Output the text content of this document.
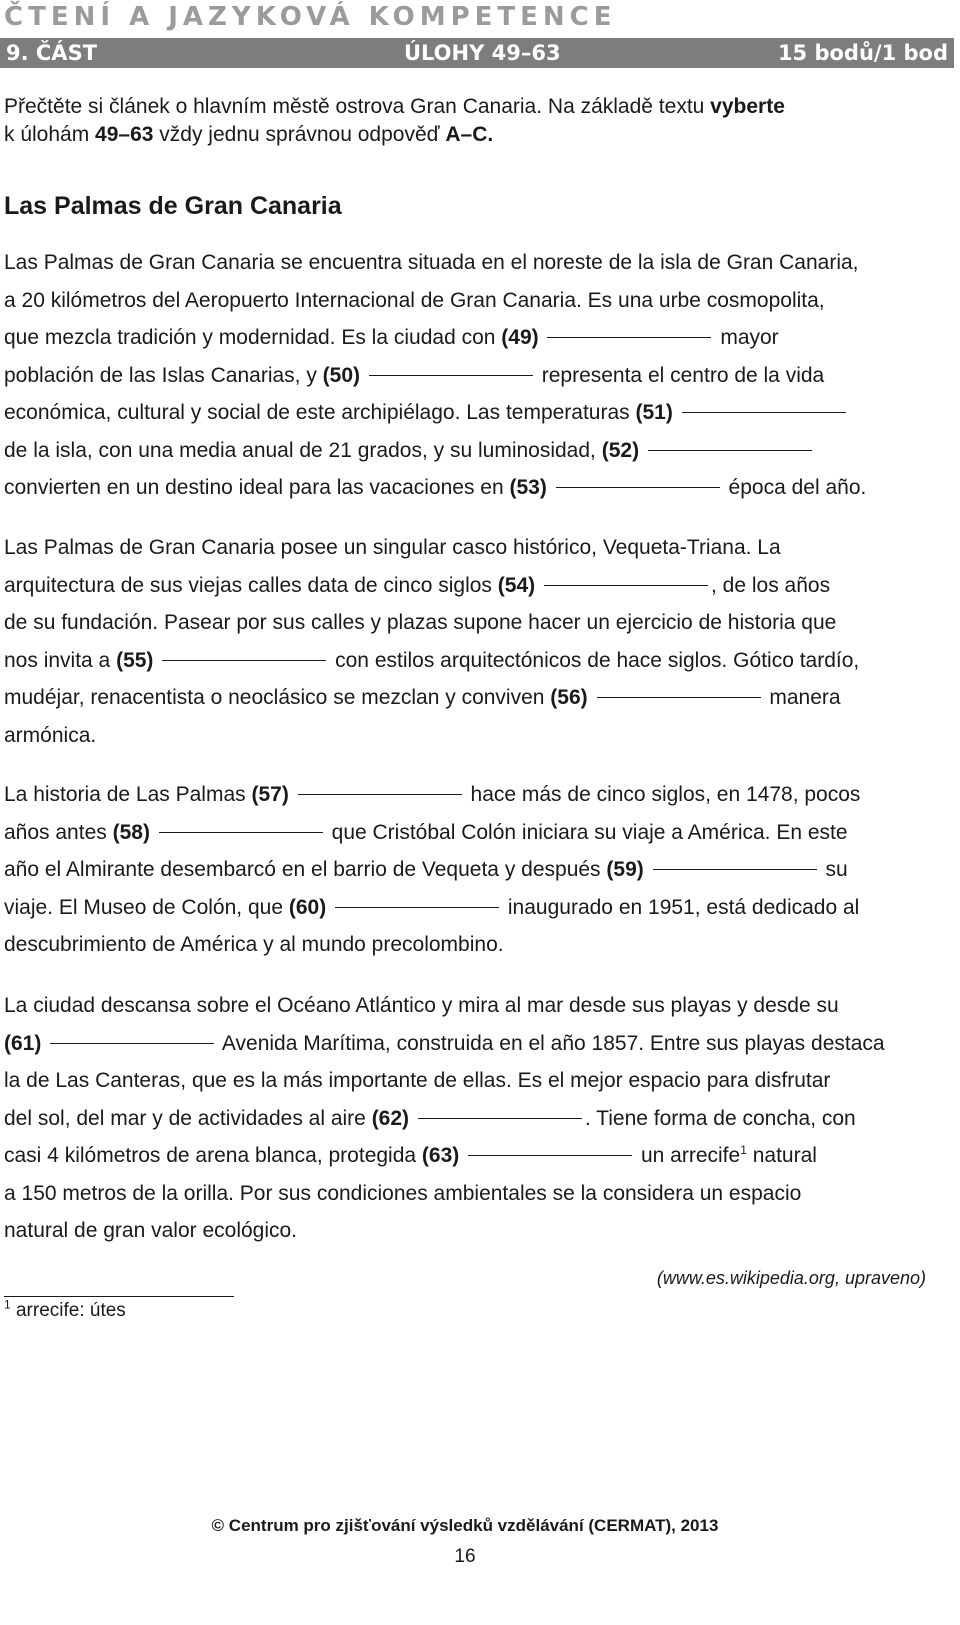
ČTENÍ A JAZYKOVÁ KOMPETENCE
9. ČÁST	ÚLOHY 49–63	15 bodů/1 bod
Přečtěte si článek o hlavním městě ostrova Gran Canaria. Na základě textu vyberte
k úlohám 49–63 vždy jednu správnou odpověď A–C.
Las Palmas de Gran Canaria
Las Palmas de Gran Canaria se encuentra situada en el noreste de la isla de Gran Canaria,
a 20 kilómetros del Aeropuerto Internacional de Gran Canaria. Es una urbe cosmopolita,
que mezcla tradición y modernidad. Es la ciudad con (49)	mayor
población de las Islas Canarias, y (50)	representa el centro de la vida
económica, cultural y social de este archipiélago. Las temperaturas (51)
de la isla, con una media anual de 21 grados, y su luminosidad, (52)
convierten en un destino ideal para las vacaciones en (53)	época del año.
Las Palmas de Gran Canaria posee un singular casco histórico, Vequeta-Triana. La
arquitectura de sus viejas calles data de cinco siglos (54)	, de los años
de su fundación. Pasear por sus calles y plazas supone hacer un ejercicio de historia que
nos invita a (55)	con estilos arquitectónicos de hace siglos. Gótico tardío,
mudéjar, renacentista o neoclásico se mezclan y conviven (56)	manera
armónica.
La historia de Las Palmas (57)	hace más de cinco siglos, en 1478, pocos
años antes (58)	que Cristóbal Colón iniciara su viaje a América. En este
año el Almirante desembarcó en el barrio de Vequeta y después (59)	su
viaje. El Museo de Colón, que (60)	inaugurado en 1951, está dedicado al
descubrimiento de América y al mundo precolombino.
La ciudad descansa sobre el Océano Atlántico y mira al mar desde sus playas y desde su
(61)	Avenida Marítima, construida en el año 1857. Entre sus playas destaca
la de Las Canteras, que es la más importante de ellas. Es el mejor espacio para disfrutar
del sol, del mar y de actividades al aire (62)	. Tiene forma de concha, con
casi 4 kilómetros de arena blanca, protegida (63)	un arrecife$^1$ natural
a 150 metros de la orilla. Por sus condiciones ambientales se la considera un espacio
natural de gran valor ecológico.
(www.es.wikipedia.org, upraveno)
$^1$ arrecife: útes
© Centrum pro zjišťování výsledků vzdělávání (CERMAT), 2013
16
